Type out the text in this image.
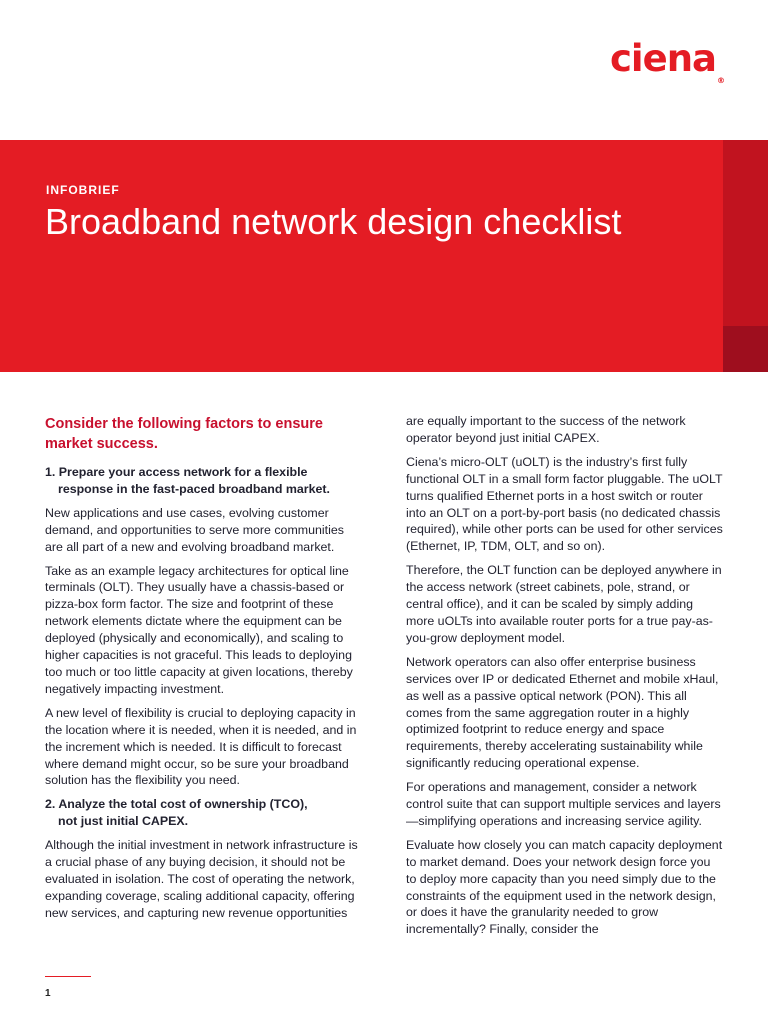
ciena®
INFOBRIEF
Broadband network design checklist

Consider the following factors to ensure market success.

1. Prepare your access network for a flexible
response in the fast-paced broadband market.

New applications and use cases, evolving customer demand, and opportunities to serve more communities are all part of a new and evolving broadband market.

Take as an example legacy architectures for optical line terminals (OLT). They usually have a chassis-based or pizza-box form factor. The size and footprint of these network elements dictate where the equipment can be deployed (physically and economically), and scaling to higher capacities is not graceful. This leads to deploying too much or too little capacity at given locations, thereby negatively impacting investment.

A new level of flexibility is crucial to deploying capacity in the location where it is needed, when it is needed, and in the increment which is needed. It is difficult to forecast where demand might occur, so be sure your broadband solution has the flexibility you need.

2. Analyze the total cost of ownership (TCO),
not just initial CAPEX.

Although the initial investment in network infrastructure is a crucial phase of any buying decision, it should not be evaluated in isolation. The cost of operating the network, expanding coverage, scaling additional capacity, offering new services, and capturing new revenue opportunities

are equally important to the success of the network operator beyond just initial CAPEX.

Ciena’s micro-OLT (uOLT) is the industry’s first fully functional OLT in a small form factor pluggable. The uOLT turns qualified Ethernet ports in a host switch or router into an OLT on a port-by-port basis (no dedicated chassis required), while other ports can be used for other services (Ethernet, IP, TDM, OLT, and so on).

Therefore, the OLT function can be deployed anywhere in the access network (street cabinets, pole, strand, or central office), and it can be scaled by simply adding more uOLTs into available router ports for a true pay-as-you-grow deployment model.

Network operators can also offer enterprise business services over IP or dedicated Ethernet and mobile xHaul, as well as a passive optical network (PON). This all comes from the same aggregation router in a highly optimized footprint to reduce energy and space requirements, thereby accelerating sustainability while significantly reducing operational expense.

For operations and management, consider a network control suite that can support multiple services and layers—simplifying operations and increasing service agility.

Evaluate how closely you can match capacity deployment to market demand. Does your network design force you to deploy more capacity than you need simply due to the constraints of the equipment used in the network design, or does it have the granularity needed to grow incrementally? Finally, consider the

1
